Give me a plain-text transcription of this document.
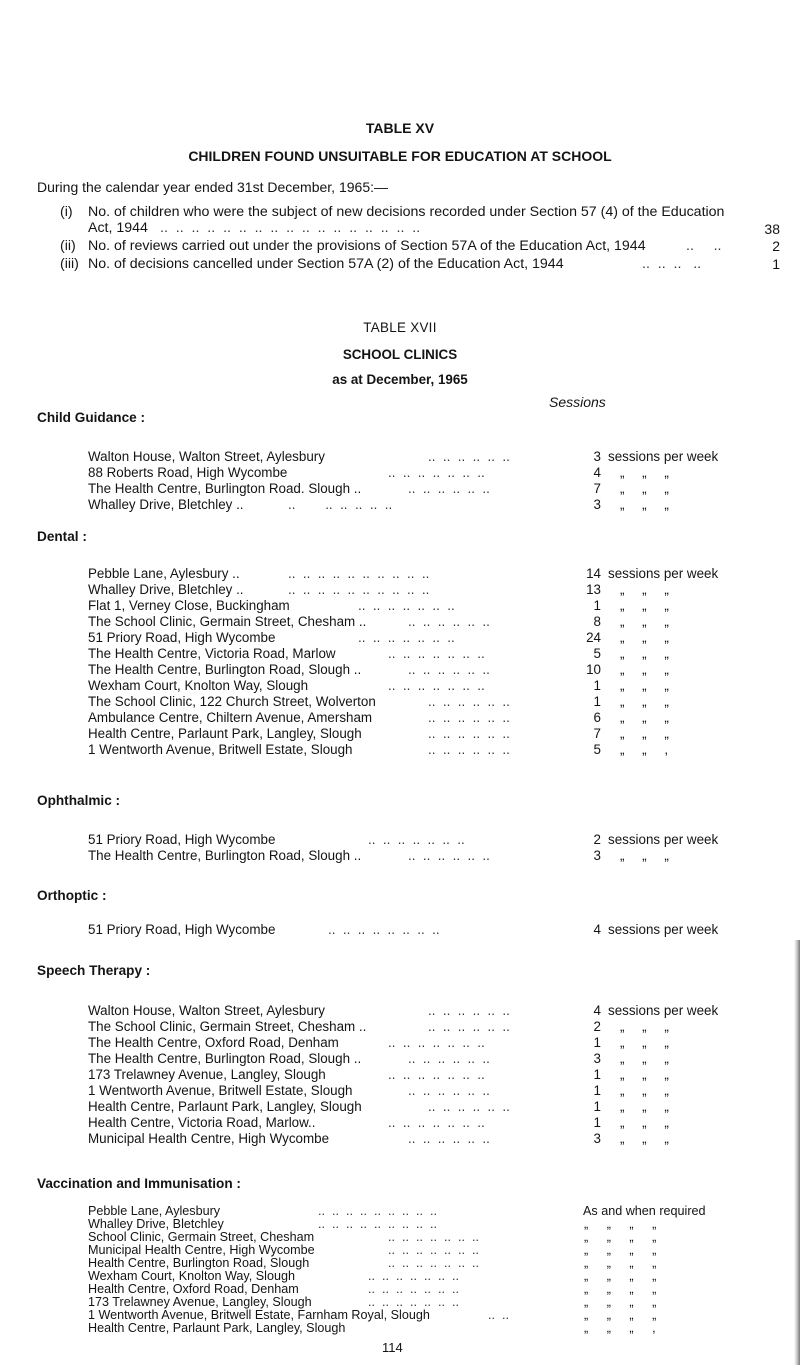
TABLE XV
CHILDREN FOUND UNSUITABLE FOR EDUCATION AT SCHOOL
During the calendar year ended 31st December, 1965:—
(i) No. of children who were the subject of new decisions recorded under Section 57 (4) of the Education
Act, 1944 ..  ..  ..  ..  ..  ..  ..  ..  ..  ..  ..  ..  ..  ..  ..  ..  ..	38
(ii) No. of reviews carried out under the provisions of Section 57A of the Education Act, 1944	..     ..	2
(iii) No. of decisions cancelled under Section 57A (2) of the Education Act, 1944	..  ..  ..   ..	1
TABLE XVII
SCHOOL CLINICS
as at December, 1965
Sessions
Child Guidance :
Walton House, Walton Street, Aylesbury	..  ..  ..  ..  ..  ..	3 sessions per week
88 Roberts Road, High Wycombe	..  ..  ..  ..  ..  ..  ..	4 „ „ „
The Health Centre, Burlington Road. Slough ..	..  ..  ..  ..  ..  ..	7 „ „ „
Whalley Drive, Bletchley ..	..        ..  ..  ..  ..  ..	3 „ „ „
Dental :
Pebble Lane, Aylesbury ..	..  ..  ..  ..  ..  ..  ..  ..  ..  ..	14 sessions per week
Whalley Drive, Bletchley ..	..  ..  ..  ..  ..  ..  ..  ..  ..  ..	13 „ „ „
Flat 1, Verney Close, Buckingham	..  ..  ..  ..  ..  ..  ..	1 „ „ „
The School Clinic, Germain Street, Chesham ..	..  ..  ..  ..  ..  ..	8 „ „ „
51 Priory Road, High Wycombe	..  ..  ..  ..  ..  ..  ..	24 „ „ „
The Health Centre, Victoria Road, Marlow	..  ..  ..  ..  ..  ..  ..	5 „ „ „
The Health Centre, Burlington Road, Slough ..	..  ..  ..  ..  ..  ..	10 „ „ „
Wexham Court, Knolton Way, Slough	..  ..  ..  ..  ..  ..  ..	1 „ „ „
The School Clinic, 122 Church Street, Wolverton	..  ..  ..  ..  ..  ..	1 „ „ „
Ambulance Centre, Chiltern Avenue, Amersham	..  ..  ..  ..  ..  ..	6 „ „ „
Health Centre, Parlaunt Park, Langley, Slough	..  ..  ..  ..  ..  ..	7 „ „ „
1 Wentworth Avenue, Britwell Estate, Slough	..  ..  ..  ..  ..  ..	5 „ „ ,
Ophthalmic :
51 Priory Road, High Wycombe	..  ..  ..  ..  ..  ..  ..	2 sessions per week
The Health Centre, Burlington Road, Slough ..	..  ..  ..  ..  ..  ..	3 „ „ „
Orthoptic :
51 Priory Road, High Wycombe	..  ..  ..  ..  ..  ..  ..  ..	4 sessions per week
Speech Therapy :
Walton House, Walton Street, Aylesbury	..  ..  ..  ..  ..  ..	4 sessions per week
The School Clinic, Germain Street, Chesham ..	..  ..  ..  ..  ..  ..	2 „ „ „
The Health Centre, Oxford Road, Denham	..  ..  ..  ..  ..  ..  ..	1 „ „ „
The Health Centre, Burlington Road, Slough ..	..  ..  ..  ..  ..  ..	3 „ „ „
173 Trelawney Avenue, Langley, Slough	..  ..  ..  ..  ..  ..  ..	1 „ „ „
1 Wentworth Avenue, Britwell Estate, Slough	..  ..  ..  ..  ..  ..	1 „ „ „
Health Centre, Parlaunt Park, Langley, Slough	..  ..  ..  ..  ..  ..	1 „ „ „
Health Centre, Victoria Road, Marlow..	..  ..  ..  ..  ..  ..  ..	1 „ „ „
Municipal Health Centre, High Wycombe	..  ..  ..  ..  ..  ..	3 „ „ „
Vaccination and Immunisation :
Pebble Lane, Aylesbury	..  ..  ..  ..  ..  ..  ..  ..  ..	As and when required
Whalley Drive, Bletchley	..  ..  ..  ..  ..  ..  ..  ..  ..	„ „ „ „
School Clinic, Germain Street, Chesham	..  ..  ..  ..  ..  ..  ..	„ „ „ „
Municipal Health Centre, High Wycombe	..  ..  ..  ..  ..  ..  ..	„ „ „ „
Health Centre, Burlington Road, Slough	..  ..  ..  ..  ..  ..  ..	„ „ „ „
Wexham Court, Knolton Way, Slough	..  ..  ..  ..  ..  ..  ..	„ „ „ „
Health Centre, Oxford Road, Denham	..  ..  ..  ..  ..  ..  ..	„ „ „ „
173 Trelawney Avenue, Langley, Slough	..  ..  ..  ..  ..  ..  ..	„ „ „ „
1 Wentworth Avenue, Britwell Estate, Farnham Royal, Slough	..  ..	„ „ „ „
Health Centre, Parlaunt Park, Langley, Slough	„ „ „ ,
114
